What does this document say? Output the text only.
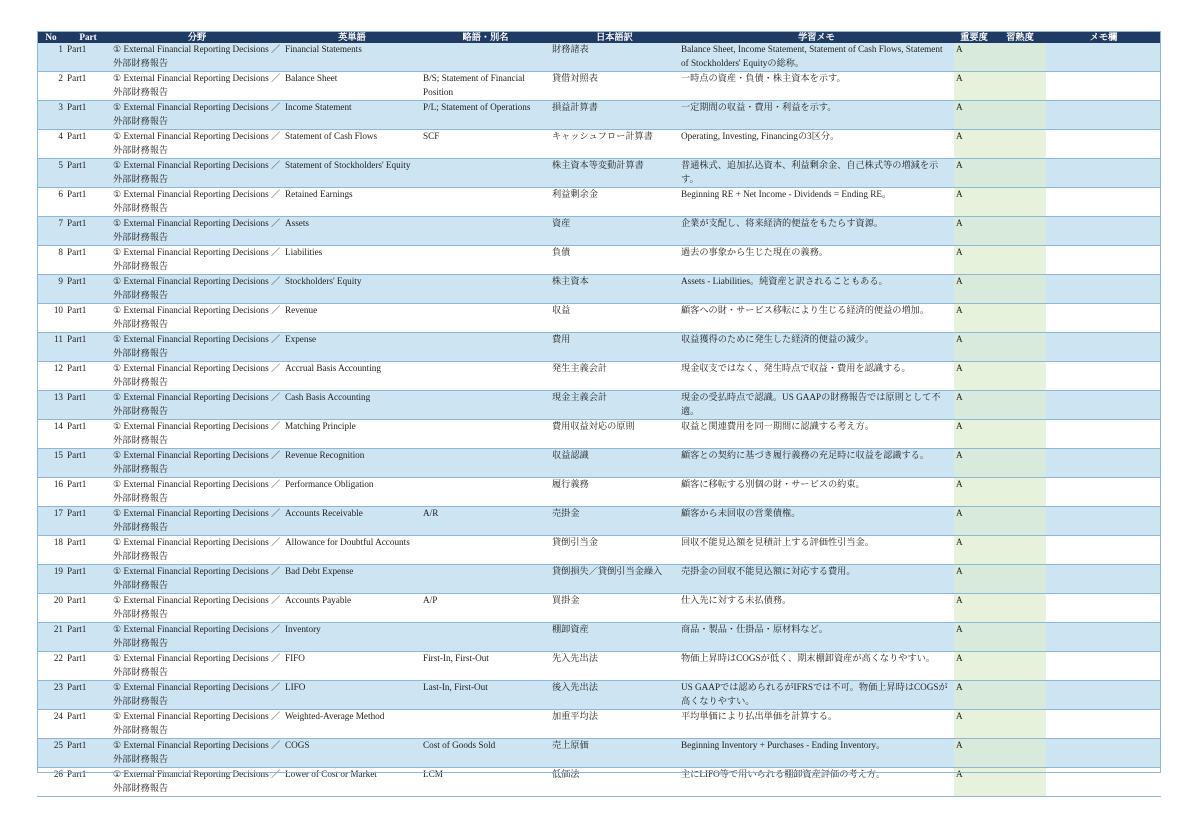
No	Part	分野	英単語	略語・別名	日本語訳	学習メモ	重要度	習熟度	メモ欄
1	Part1	① External Financial Reporting Decisions ／外部財務報告	Financial Statements		財務諸表	Balance Sheet, Income Statement, Statement of Cash Flows, Statement of Stockholders' Equityの総称。	A		
2	Part1	① External Financial Reporting Decisions ／外部財務報告	Balance Sheet	B/S; Statement of Financial Position	貸借対照表	一時点の資産・負債・株主資本を示す。	A		
3	Part1	① External Financial Reporting Decisions ／外部財務報告	Income Statement	P/L; Statement of Operations	損益計算書	一定期間の収益・費用・利益を示す。	A		
4	Part1	① External Financial Reporting Decisions ／外部財務報告	Statement of Cash Flows	SCF	キャッシュフロー計算書	Operating, Investing, Financingの3区分。	A		
5	Part1	① External Financial Reporting Decisions ／外部財務報告	Statement of Stockholders' Equity		株主資本等変動計算書	普通株式、追加払込資本、利益剰余金、自己株式等の増減を示す。	A		
6	Part1	① External Financial Reporting Decisions ／外部財務報告	Retained Earnings		利益剰余金	Beginning RE + Net Income - Dividends = Ending RE。	A		
7	Part1	① External Financial Reporting Decisions ／外部財務報告	Assets		資産	企業が支配し、将来経済的便益をもたらす資源。	A		
8	Part1	① External Financial Reporting Decisions ／外部財務報告	Liabilities		負債	過去の事象から生じた現在の義務。	A		
9	Part1	① External Financial Reporting Decisions ／外部財務報告	Stockholders' Equity		株主資本	Assets - Liabilities。純資産と訳されることもある。	A		
10	Part1	① External Financial Reporting Decisions ／外部財務報告	Revenue		収益	顧客への財・サービス移転により生じる経済的便益の増加。	A		
11	Part1	① External Financial Reporting Decisions ／外部財務報告	Expense		費用	収益獲得のために発生した経済的便益の減少。	A		
12	Part1	① External Financial Reporting Decisions ／外部財務報告	Accrual Basis Accounting		発生主義会計	現金収支ではなく、発生時点で収益・費用を認識する。	A		
13	Part1	① External Financial Reporting Decisions ／外部財務報告	Cash Basis Accounting		現金主義会計	現金の受払時点で認識。US GAAPの財務報告では原則として不適。	A		
14	Part1	① External Financial Reporting Decisions ／外部財務報告	Matching Principle		費用収益対応の原則	収益と関連費用を同一期間に認識する考え方。	A		
15	Part1	① External Financial Reporting Decisions ／外部財務報告	Revenue Recognition		収益認識	顧客との契約に基づき履行義務の充足時に収益を認識する。	A		
16	Part1	① External Financial Reporting Decisions ／外部財務報告	Performance Obligation		履行義務	顧客に移転する別個の財・サービスの約束。	A		
17	Part1	① External Financial Reporting Decisions ／外部財務報告	Accounts Receivable	A/R	売掛金	顧客から未回収の営業債権。	A		
18	Part1	① External Financial Reporting Decisions ／外部財務報告	Allowance for Doubtful Accounts		貸倒引当金	回収不能見込額を見積計上する評価性引当金。	A		
19	Part1	① External Financial Reporting Decisions ／外部財務報告	Bad Debt Expense		貸倒損失／貸倒引当金繰入	売掛金の回収不能見込額に対応する費用。	A		
20	Part1	① External Financial Reporting Decisions ／外部財務報告	Accounts Payable	A/P	買掛金	仕入先に対する未払債務。	A		
21	Part1	① External Financial Reporting Decisions ／外部財務報告	Inventory		棚卸資産	商品・製品・仕掛品・原材料など。	A		
22	Part1	① External Financial Reporting Decisions ／外部財務報告	FIFO	First-In, First-Out	先入先出法	物価上昇時はCOGSが低く、期末棚卸資産が高くなりやすい。	A		
23	Part1	① External Financial Reporting Decisions ／外部財務報告	LIFO	Last-In, First-Out	後入先出法	US GAAPでは認められるがIFRSでは不可。物価上昇時はCOGSが高くなりやすい。	A		
24	Part1	① External Financial Reporting Decisions ／外部財務報告	Weighted-Average Method		加重平均法	平均単価により払出単価を計算する。	A		
25	Part1	① External Financial Reporting Decisions ／外部財務報告	COGS	Cost of Goods Sold	売上原価	Beginning Inventory + Purchases - Ending Inventory。	A		
26	Part1	① External Financial Reporting Decisions ／外部財務報告	Lower of Cost or Market	LCM	低価法	主にLIFO等で用いられる棚卸資産評価の考え方。	A		
